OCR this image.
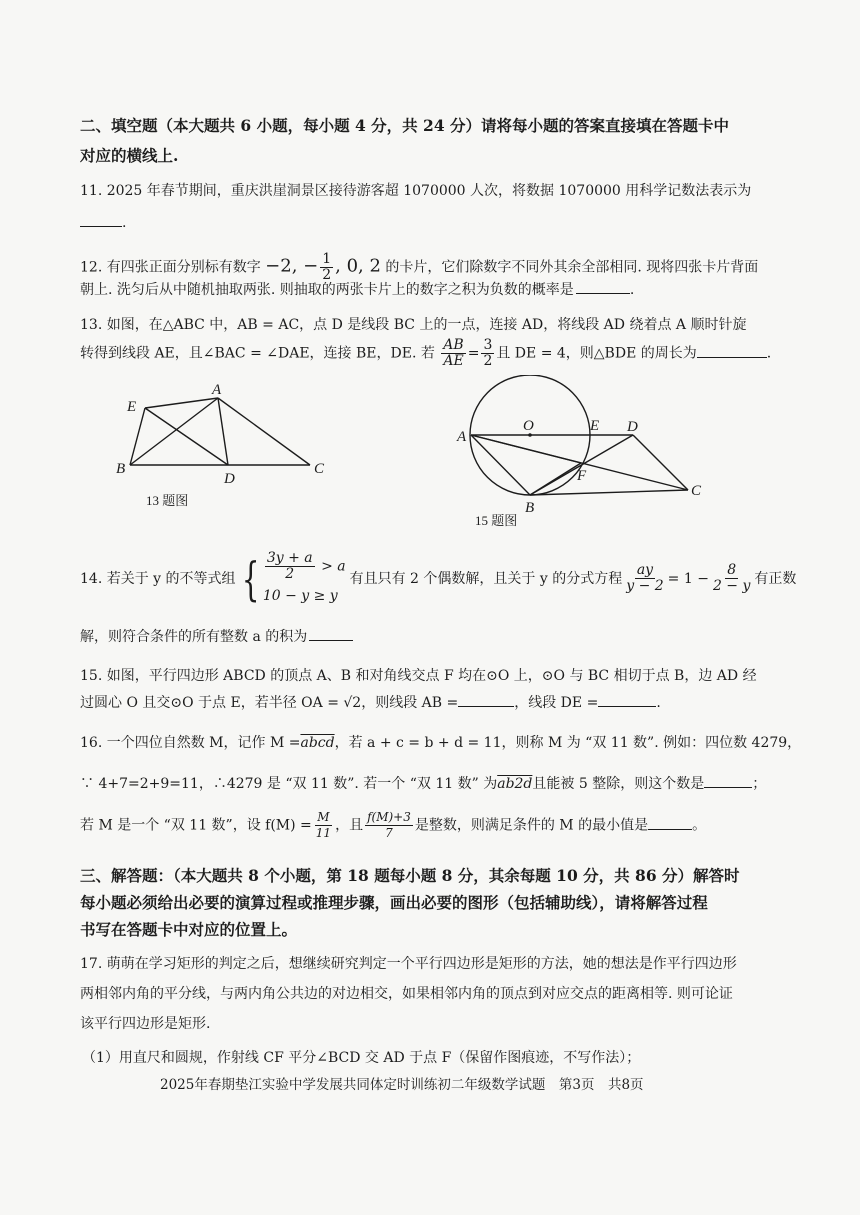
二、填空题（本大题共 6 小题，每小题 4 分，共 24 分）请将每小题的答案直接填在答题卡中
对应的横线上.
11. 2025 年春节期间，重庆洪崖洞景区接待游客超 1070000 人次，将数据 1070000 用科学记数法表示为
.
12. 有四张正面分别标有数字 −2, − $\frac{1}{2}$ , 0, 2 的卡片，它们除数字不同外其余全部相同. 现将四张卡片背面
朝上. 洗匀后从中随机抽取两张. 则抽取的两张卡片上的数字之积为负数的概率是	.
13. 如图，在△ABC 中，AB = AC，点 D 是线段 BC 上的一点，连接 AD，将线段 AD 绕着点 A 顺时针旋
转得到线段 AE，且∠BAC = ∠DAE，连接 BE，DE. 若 $\frac{AB}{AE} = \frac{3}{2}$ 且 DE = 4，则△BDE 的周长为	.
E
A
B
D
C
13 题图
A
O	E D
F
B
C
15 题图
14. 若关于 y 的不等式组 { $\frac{3y + a}{2} > a$
10 − y ≥ y
有且只有 2 个偶数解，且关于 y 的分式方程 $\frac{ay}{y - 2} = 1 - \frac{8}{2 - y}$ 有正数
解，则符合条件的所有整数 a 的积为
15. 如图，平行四边形 ABCD 的顶点 A、B 和对角线交点 F 均在⊙O 上，⊙O 与 BC 相切于点 B，边 AD 经
过圆心 O 且交⊙O 于点 E，若半径 OA = √2，则线段 AB =	，线段 DE =	.
16. 一个四位自然数 M，记作 M =abcd，若 a + c = b + d = 11，则称 M 为 “双 11 数”. 例如：四位数 4279，
∵ 4+7=2+9=11，∴4279 是 “双 11 数”. 若一个 “双 11 数” 为ab2d且能被 5 整除，则这个数是	；
若 M 是一个 “双 11 数”，设 $f(M) = \frac{M}{11}$ ，且 $\frac{f(M)+3}{7}$ 是整数，则满足条件的 M 的最小值是	。
三、解答题：（本大题共 8 个小题，第 18 题每小题 8 分，其余每题 10 分，共 86 分）解答时
每小题必须给出必要的演算过程或推理步骤，画出必要的图形（包括辅助线），请将解答过程
书写在答题卡中对应的位置上。
17. 萌萌在学习矩形的判定之后，想继续研究判定一个平行四边形是矩形的方法，她的想法是作平行四边形
两相邻内角的平分线，与两内角公共边的对边相交，如果相邻内角的顶点到对应交点的距离相等. 则可论证
该平行四边形是矩形.
（1）用直尺和圆规，作射线 CF 平分∠BCD 交 AD 于点 F（保留作图痕迹，不写作法）；
2025年春期垫江实验中学发展共同体定时训练初二年级数学试题　第3页　共8页
